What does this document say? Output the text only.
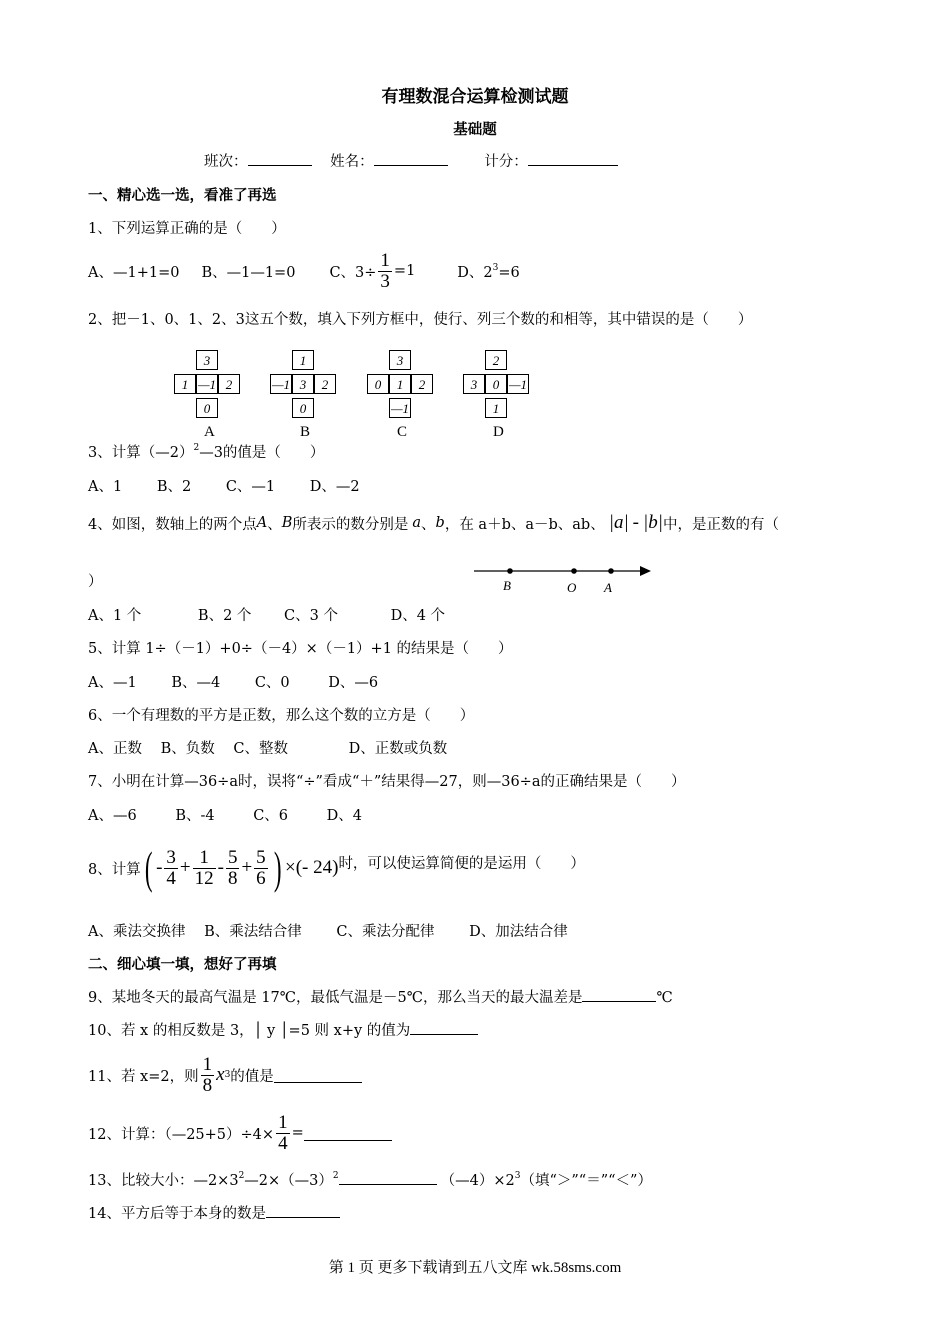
有理数混合运算检测试题
基础题
班次：	姓名：	计分：
一、精心选一选，看准了再选
1、下列运算正确的是（　　）
A、—1+1=0 B、—1—1=0 C、$3\div \frac{1}{3} =1$	D、$2^3=6$
2、把－1、0、1、2、3这五个数，填入下列方框中，使行、列三个数的和相等，其中错误的是（　　）
3
1 —1 2
0
A
1
—1 3	2
0
B
3
0	1	2
—1
C
2
3	0 —1
1
D
3、计算（—2）$^2$—3的值是（　　）
A、1 B、2 C、—1 D、—2
4、如图，数轴上的两个点 A 、 B 所表示的数分别是 a 、 b ，在 a＋b、a－b、ab、 |a| - |b| 中，是正数的有（
）	B	O A
A、1 个	B、2 个 C、3 个	D、4 个
5、计算 1÷（－1）+0÷（－4）×（－1）+1 的结果是（　　）
A、—1 B、—4 C、0	D、—6
6、一个有理数的平方是正数，那么这个数的立方是（　　）
A、正数 B、负数 C、整数	D、正数或负数
7、小明在计算—36÷a时，误将“÷”看成“＋”结果得—27，则—36÷a的正确结果是（　　）
A、—6	B、-4	C、6	D、4
8、计算 ( - $\frac{3}{4} + \frac{1}{12} - \frac{5}{8} + \frac{5}{6}$ ) ×(- 24) 时，可以使运算简便的是运用（　　）
A、乘法交换律 B、乘法结合律 C、乘法分配律 D、加法结合律
二、细心填一填，想好了再填
9、某地冬天的最高气温是 17℃，最低气温是－5℃，那么当天的最大温差是	℃
10、若 x 的相反数是 3，│ y │=5 则 x+y 的值为
11、若 x=2，则 $\frac{1}{8}$ x 3 的值是
12、计算：（—25+5）÷4× $\frac{1}{4}$ =
13、比较大小：$—2\times 3^2—2\times(—3)^2$	$(—4)\times 2^3$（填“＞”“＝”“＜”）
14、平方后等于本身的数是
第 1 页 更多下载请到五八文库 wk.58sms.com
